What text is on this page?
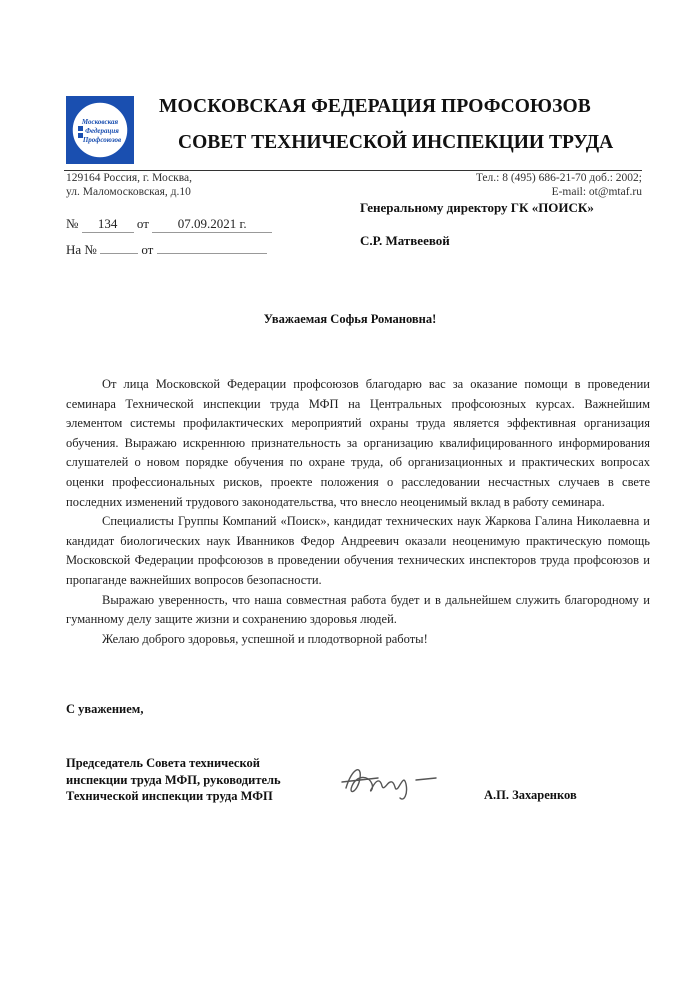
Московская
Федерация
Профсоюзов
МОСКОВСКАЯ ФЕДЕРАЦИЯ ПРОФСОЮЗОВ
СОВЕТ ТЕХНИЧЕСКОЙ ИНСПЕКЦИИ ТРУДА
129164 Россия, г. Москва,
ул. Маломосковская, д.10
Тел.: 8 (495) 686-21-70 доб.: 2002;
E-mail: ot@mtaf.ru
№ 134 от 07.09.2021 г.
На №	от
Генеральному директору ГК «ПОИСК»
С.Р. Матвеевой
Уважаемая Софья Романовна!

От лица Московской Федерации профсоюзов благодарю вас за оказание помощи в проведении семинара Технической инспекции труда МФП на Центральных профсоюзных курсах. Важнейшим элементом системы профилактических мероприятий охраны труда является эффективная организация обучения. Выражаю искреннюю признательность за организацию квалифицированного информирования слушателей о новом порядке обучения по охране труда, об организационных и практических вопросах оценки профессиональных рисков, проекте положения о расследовании несчастных случаев в свете последних изменений трудового законодательства, что внесло неоценимый вклад в работу семинара.

Специалисты Группы Компаний «Поиск», кандидат технических наук Жаркова Галина Николаевна и кандидат биологических наук Иванников Федор Андреевич оказали неоценимую практическую помощь Московской Федерации профсоюзов в проведении обучения технических инспекторов труда профсоюзов и пропаганде важнейших вопросов безопасности.

Выражаю уверенность, что наша совместная работа будет и в дальнейшем служить благородному и гуманному делу защите жизни и сохранению здоровья людей.

Желаю доброго здоровья, успешной и плодотворной работы!

С уважением,
Председатель Совета технической
инспекции труда МФП, руководитель
Технической инспекции труда МФП	А.П. Захаренков
